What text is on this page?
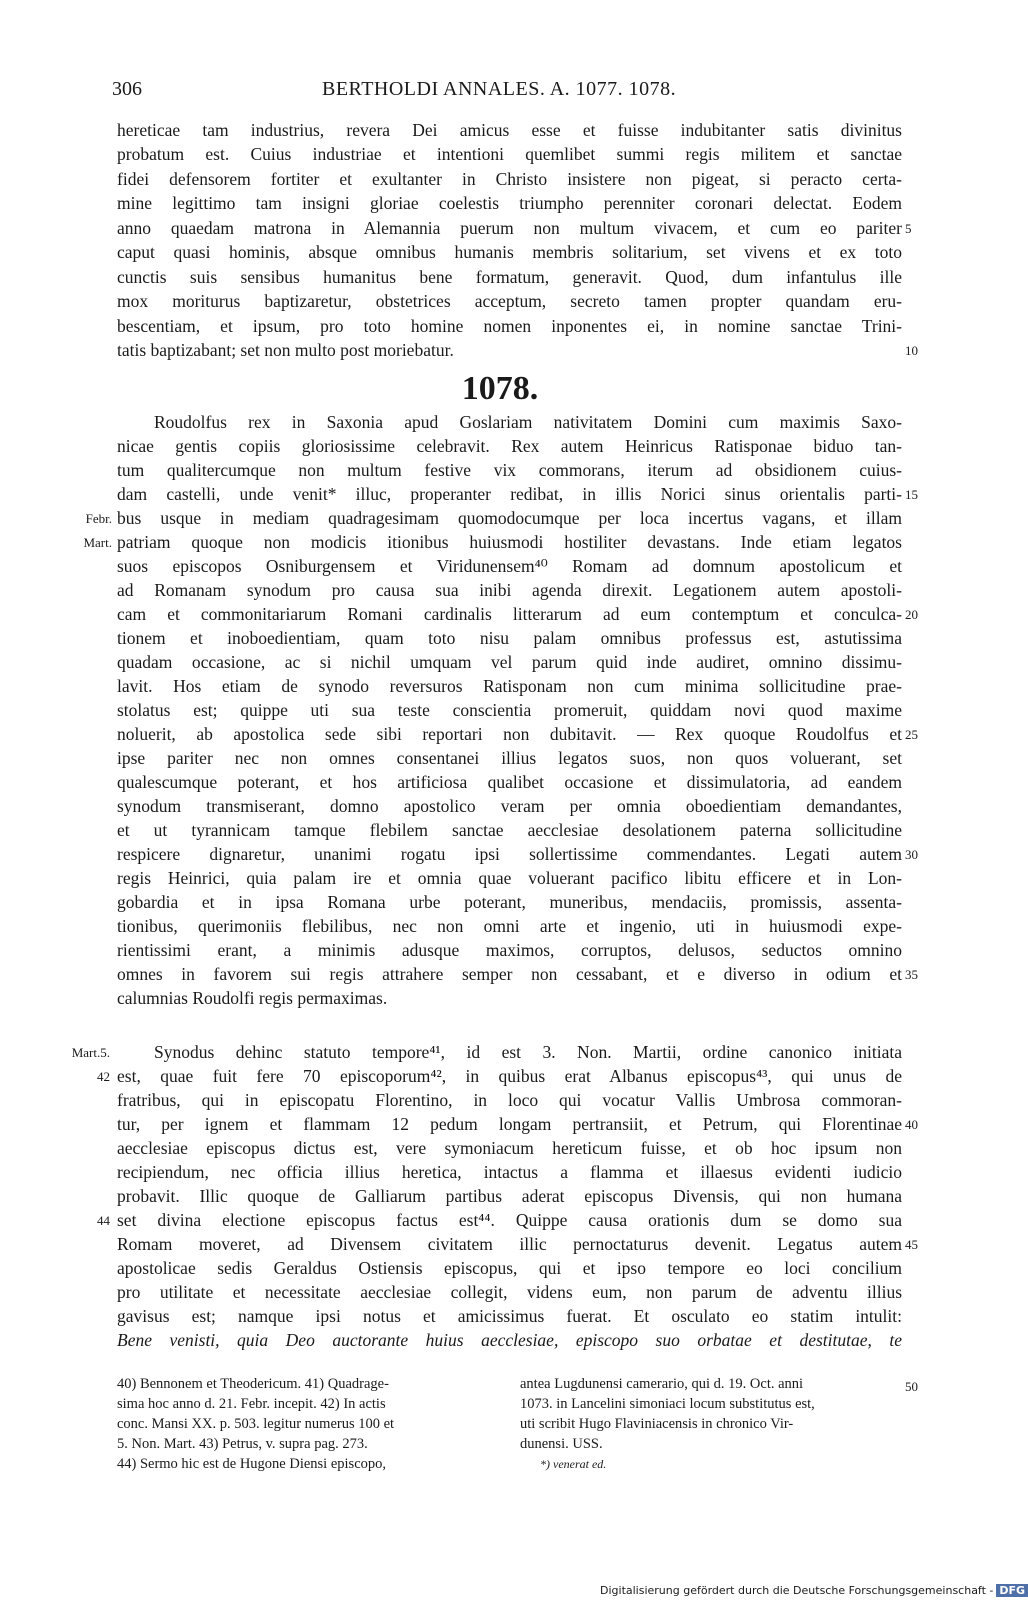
306	BERTHOLDI ANNALES. A. 1077. 1078.
hereticae tam industrius, revera Dei amicus esse et fuisse indubitanter satis divinitus
probatum est. Cuius industriae et intentioni quemlibet summi regis militem et sanctae
fidei defensorem fortiter et exultanter in Christo insistere non pigeat, si peracto certa-
mine legittimo tam insigni gloriae coelestis triumpho perenniter coronari delectat. Eodem
anno quaedam matrona in Alemannia puerum non multum vivacem, et cum eo pariter
caput quasi hominis, absque omnibus humanis membris solitarium, set vivens et ex toto
cunctis suis sensibus humanitus bene formatum, generavit. Quod, dum infantulus ille
mox moriturus baptizaretur, obstetrices acceptum, secreto tamen propter quandam eru-
bescentiam, et ipsum, pro toto homine nomen inponentes ei, in nomine sanctae Trini-
tatis baptizabant; set non multo post moriebatur.
1078.
Roudolfus rex in Saxonia apud Goslariam nativitatem Domini cum maximis Saxo-
nicae gentis copiis gloriosissime celebravit. Rex autem Heinricus Ratisponae biduo tan-
tum qualitercumque non multum festive vix commorans, iterum ad obsidionem cuius-
dam castelli, unde venit* illuc, properanter redibat, in illis Norici sinus orientalis parti-
bus usque in mediam quadragesimam quomodocumque per loca incertus vagans, et illam
patriam quoque non modicis itionibus huiusmodi hostiliter devastans. Inde etiam legatos
suos episcopos Osniburgensem et Viridunensem⁴⁰ Romam ad domnum apostolicum et
ad Romanam synodum pro causa sua inibi agenda direxit. Legationem autem apostoli-
cam et commonitariarum Romani cardinalis litterarum ad eum contemptum et conculca-
tionem et inoboedientiam, quam toto nisu palam omnibus professus est, astutissima
quadam occasione, ac si nichil umquam vel parum quid inde audiret, omnino dissimu-
lavit. Hos etiam de synodo reversuros Ratisponam non cum minima sollicitudine prae-
stolatus est; quippe uti sua teste conscientia promeruit, quiddam novi quod maxime
noluerit, ab apostolica sede sibi reportari non dubitavit. — Rex quoque Roudolfus et
ipse pariter nec non omnes consentanei illius legatos suos, non quos voluerant, set
qualescumque poterant, et hos artificiosa qualibet occasione et dissimulatoria, ad eandem
synodum transmiserant, domno apostolico veram per omnia oboedientiam demandantes,
et ut tyrannicam tamque flebilem sanctae aecclesiae desolationem paterna sollicitudine
respicere dignaretur, unanimi rogatu ipsi sollertissime commendantes. Legati autem
regis Heinrici, quia palam ire et omnia quae voluerant pacifico libitu efficere et in Lon-
gobardia et in ipsa Romana urbe poterant, muneribus, mendaciis, promissis, assenta-
tionibus, querimoniis flebilibus, nec non omni arte et ingenio, uti in huiusmodi expe-
rientissimi erant, a minimis adusque maximos, corruptos, delusos, seductos omnino
omnes in favorem sui regis attrahere semper non cessabant, et e diverso in odium et
calumnias Roudolfi regis permaximas.
Synodus dehinc statuto tempore⁴¹, id est 3. Non. Martii, ordine canonico initiata
est, quae fuit fere 70 episcoporum⁴², in quibus erat Albanus episcopus⁴³, qui unus de
fratribus, qui in episcopatu Florentino, in loco qui vocatur Vallis Umbrosa commoran-
tur, per ignem et flammam 12 pedum longam pertransiit, et Petrum, qui Florentinae
aecclesiae episcopus dictus est, vere symoniacum hereticum fuisse, et ob hoc ipsum non
recipiendum, nec officia illius heretica, intactus a flamma et illaesus evidenti iudicio
probavit. Illic quoque de Galliarum partibus aderat episcopus Divensis, qui non humana
set divina electione episcopus factus est⁴⁴. Quippe causa orationis dum se domo sua
Romam moveret, ad Divensem civitatem illic pernoctaturus devenit. Legatus autem
apostolicae sedis Geraldus Ostiensis episcopus, qui et ipso tempore eo loci concilium
pro utilitate et necessitate aecclesiae collegit, videns eum, non parum de adventu illius
gavisus est; namque ipsi notus et amicissimus fuerat. Et osculato eo statim intulit:
Bene venisti, quia Deo auctorante huius aecclesiae, episcopo suo orbatae et destitutae, te
5
10
15
20
25
30
35
40
45
50
Febr.
Mart.
Mart.5.
42
44
40) Bennonem et Theodericum. 41) Quadrage-
sima hoc anno d. 21. Febr. incepit. 42) In actis
conc. Mansi XX. p. 503. legitur numerus 100 et
5. Non. Mart. 43) Petrus, v. supra pag. 273.
44) Sermo hic est de Hugone Diensi episcopo,
antea Lugdunensi camerario, qui d. 19. Oct. anni
1073. in Lancelini simoniaci locum substitutus est,
uti scribit Hugo Flaviniacensis in chronico Vir-
dunensi. USS.
*) venerat ed.
Digitalisierung gefördert durch die Deutsche Forschungsgemeinschaft - DFG
